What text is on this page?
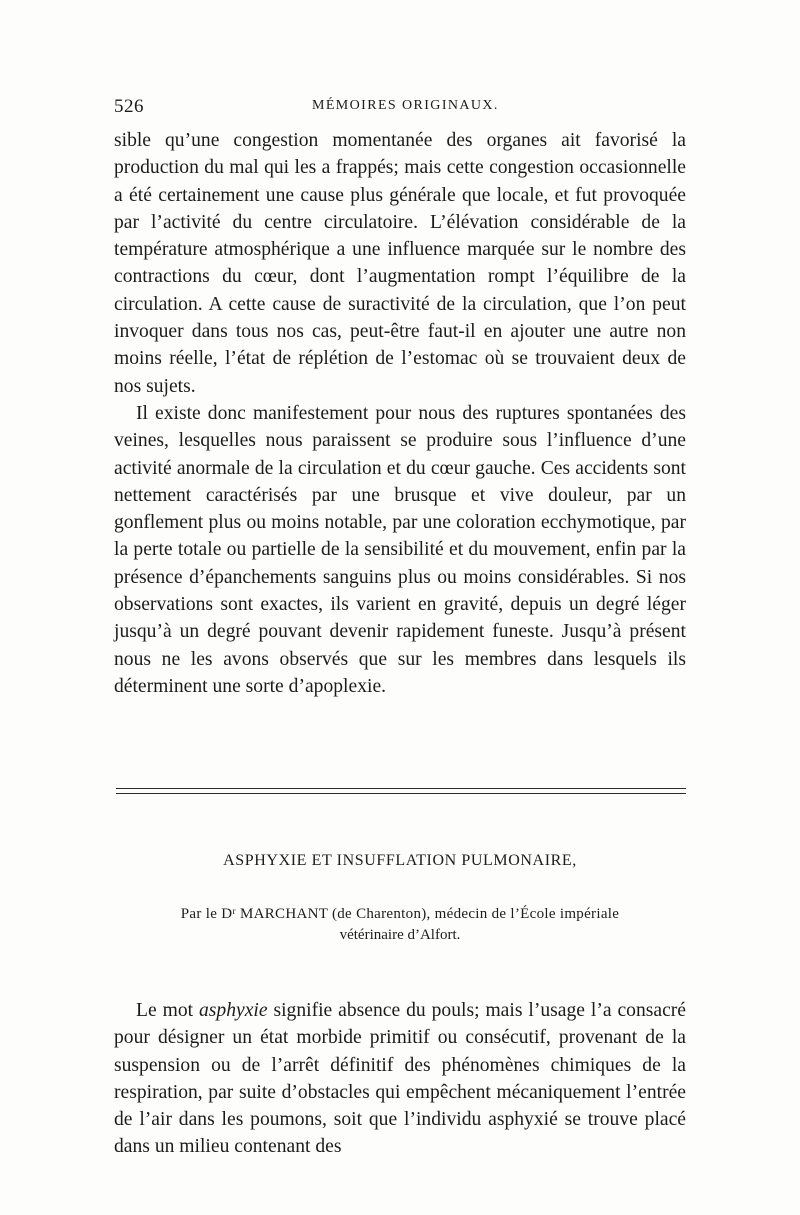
526	MÉMOIRES ORIGINAUX.

sible qu’une congestion momentanée des organes ait favorisé la production du mal qui les a frappés; mais cette congestion occasionnelle a été certainement une cause plus générale que locale, et fut provoquée par l’activité du centre circulatoire. L’élévation considérable de la température atmosphérique a une influence marquée sur le nombre des contractions du cœur, dont l’augmentation rompt l’équilibre de la circulation. A cette cause de suractivité de la circulation, que l’on peut invoquer dans tous nos cas, peut-être faut-il en ajouter une autre non moins réelle, l’état de réplétion de l’estomac où se trouvaient deux de nos sujets.

Il existe donc manifestement pour nous des ruptures spontanées des veines, lesquelles nous paraissent se produire sous l’influence d’une activité anormale de la circulation et du cœur gauche. Ces accidents sont nettement caractérisés par une brusque et vive douleur, par un gonflement plus ou moins notable, par une coloration ecchymotique, par la perte totale ou partielle de la sensibilité et du mouvement, enfin par la présence d’épanchements sanguins plus ou moins considérables. Si nos observations sont exactes, ils varient en gravité, depuis un degré léger jusqu’à un degré pouvant devenir rapidement funeste. Jusqu’à présent nous ne les avons observés que sur les membres dans lesquels ils déterminent une sorte d’apoplexie.

ASPHYXIE ET INSUFFLATION PULMONAIRE,
Par le Dʳ MARCHANT (de Charenton), médecin de l’École impériale
vétérinaire d’Alfort.

Le mot asphyxie signifie absence du pouls; mais l’usage l’a consacré pour désigner un état morbide primitif ou consécutif, provenant de la suspension ou de l’arrêt définitif des phénomènes chimiques de la respiration, par suite d’obstacles qui empêchent mécaniquement l’entrée de l’air dans les poumons, soit que l’individu asphyxié se trouve placé dans un milieu contenant des
